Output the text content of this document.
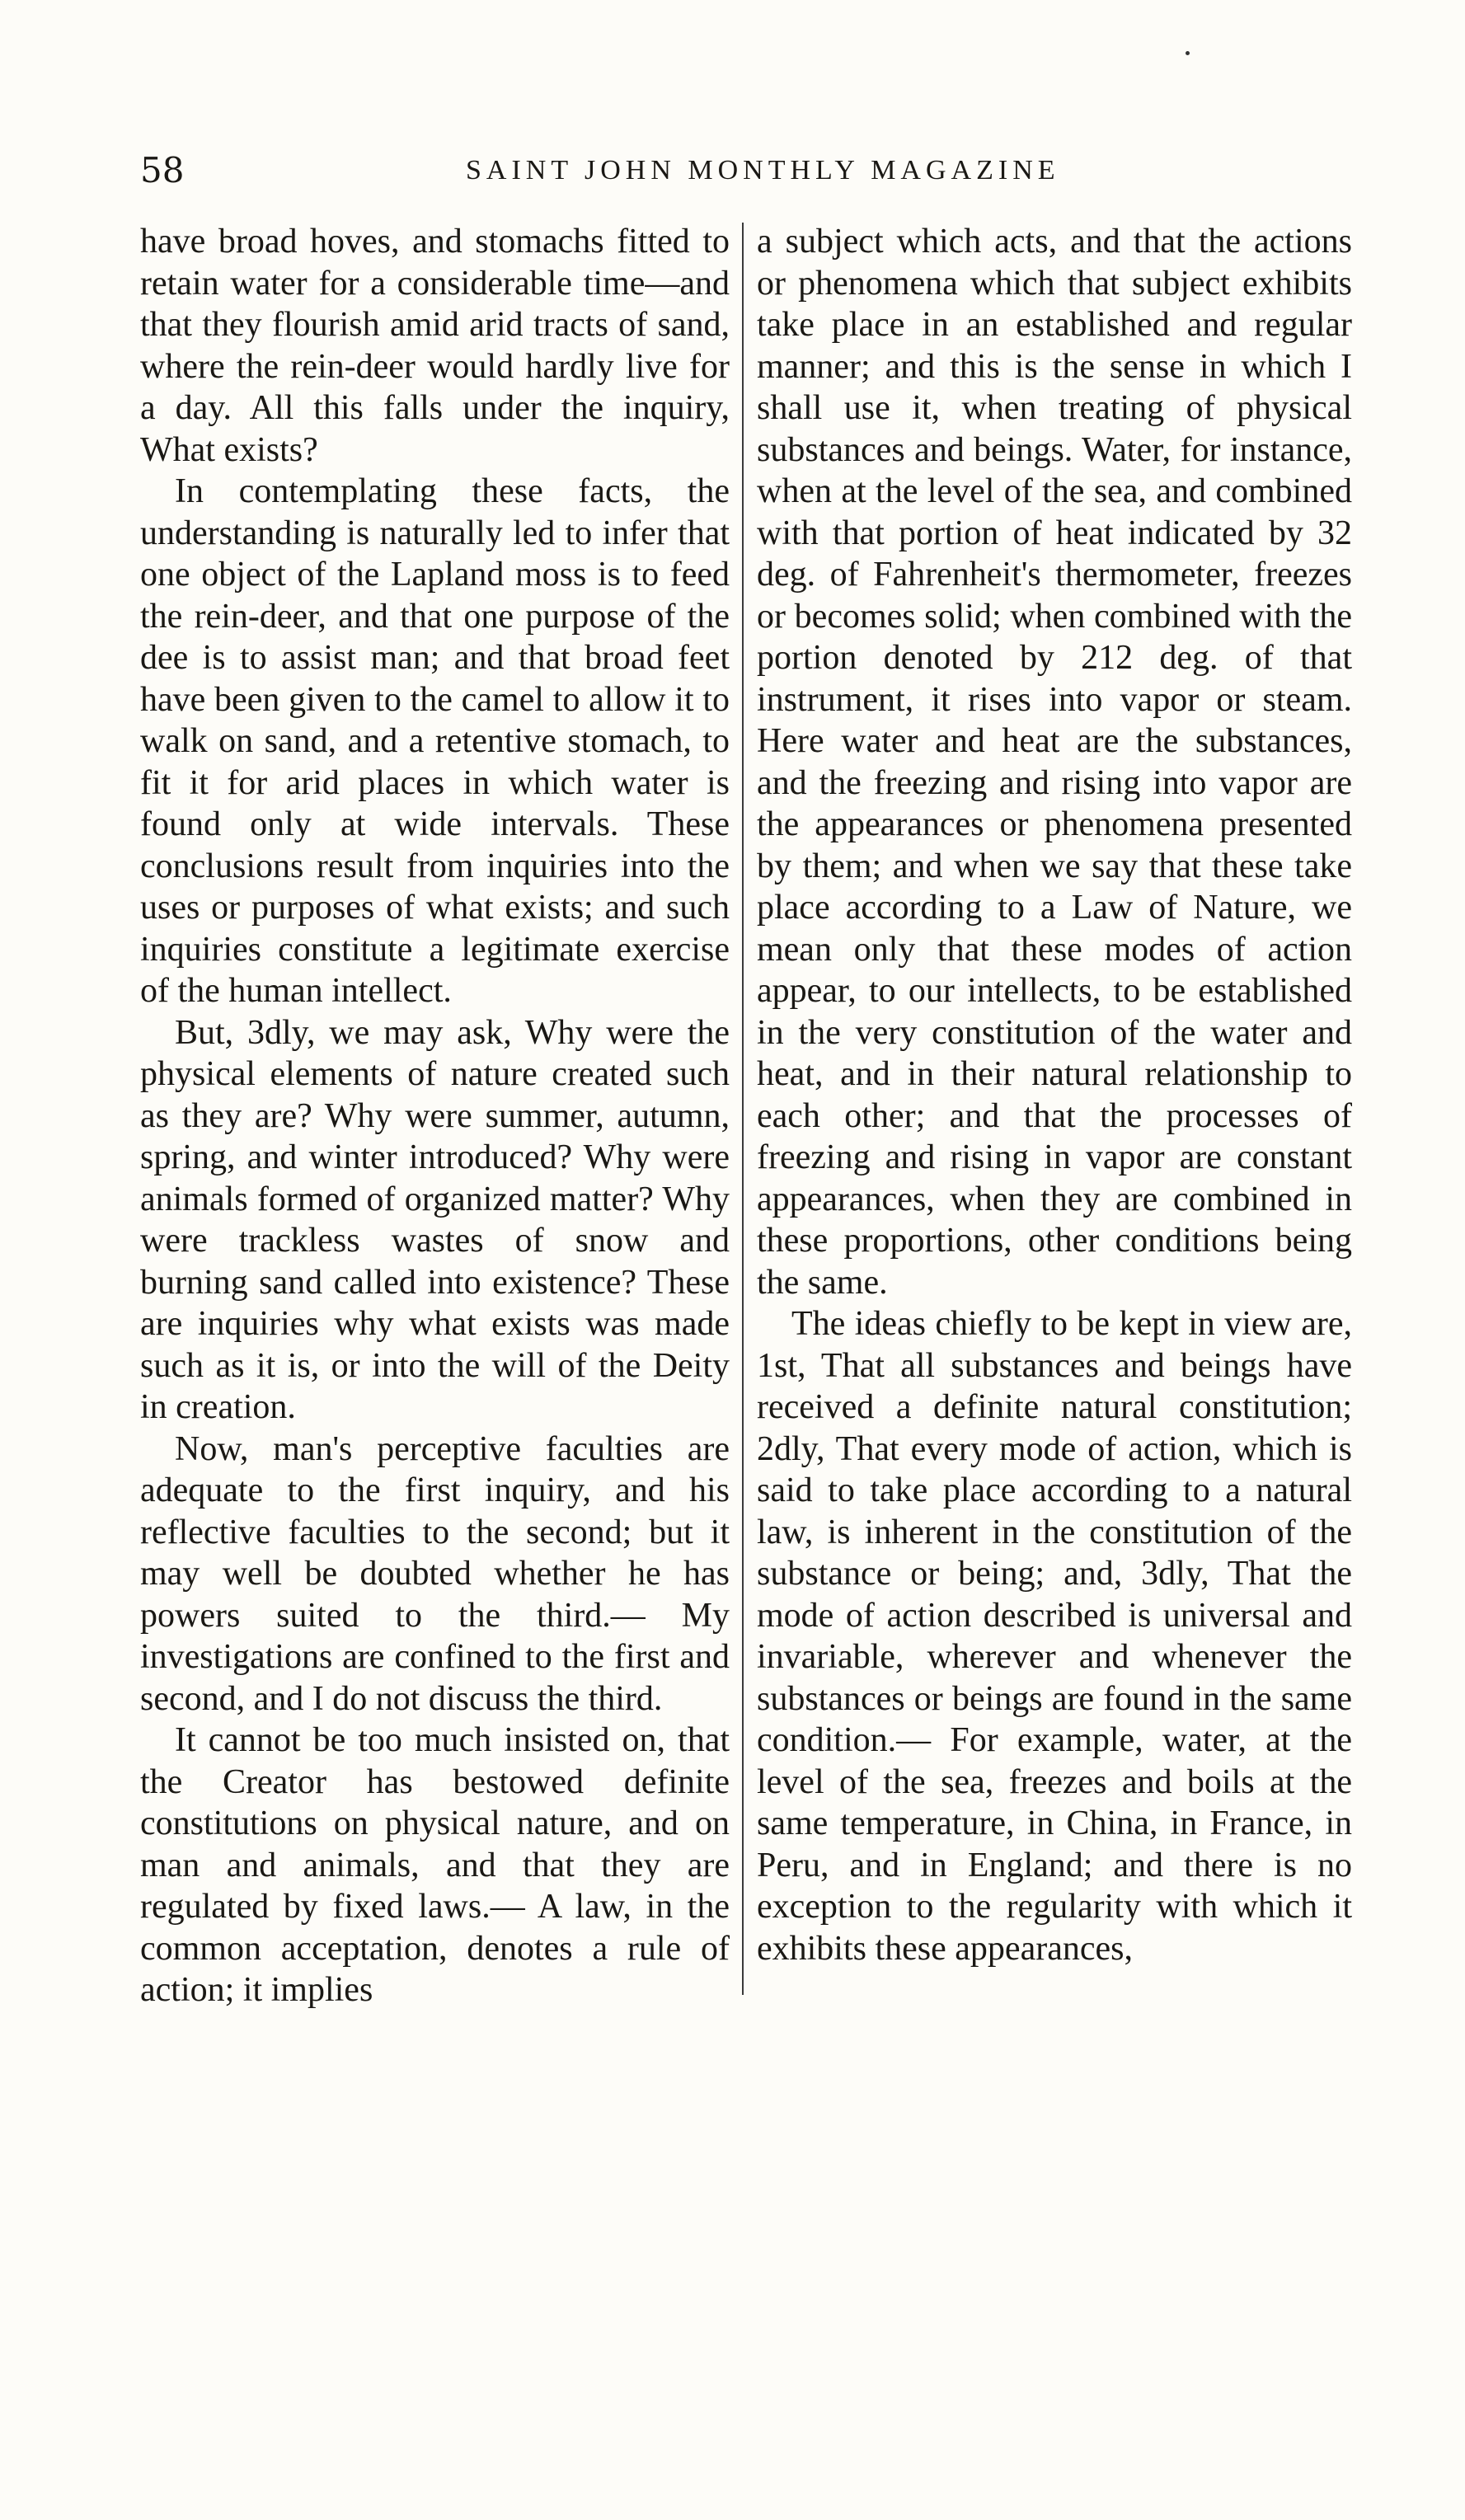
58	SAINT JOHN MONTHLY MAGAZINE
have broad hoves, and stomachs fitted to retain water for a considerable time—and that they flourish amid arid tracts of sand, where the rein-deer would hardly live for a day. All this falls under the inquiry, What exists?
In contemplating these facts, the understanding is naturally led to infer that one object of the Lapland moss is to feed the rein-deer, and that one purpose of the dee is to assist man; and that broad feet have been given to the camel to allow it to walk on sand, and a retentive stomach, to fit it for arid places in which water is found only at wide intervals. These conclusions result from inquiries into the uses or purposes of what exists; and such inquiries constitute a legitimate exercise of the human intellect.
But, 3dly, we may ask, Why were the physical elements of nature created such as they are? Why were summer, autumn, spring, and winter introduced? Why were animals formed of organized matter? Why were trackless wastes of snow and burning sand called into existence? These are inquiries why what exists was made such as it is, or into the will of the Deity in creation.
Now, man's perceptive faculties are adequate to the first inquiry, and his reflective faculties to the second; but it may well be doubted whether he has powers suited to the third.— My investigations are confined to the first and second, and I do not discuss the third.
It cannot be too much insisted on, that the Creator has bestowed definite constitutions on physical nature, and on man and animals, and that they are regulated by fixed laws.— A law, in the common acceptation, denotes a rule of action; it implies
a subject which acts, and that the actions or phenomena which that subject exhibits take place in an established and regular manner; and this is the sense in which I shall use it, when treating of physical substances and beings. Water, for instance, when at the level of the sea, and combined with that portion of heat indicated by 32 deg. of Fahrenheit's thermometer, freezes or becomes solid; when combined with the portion denoted by 212 deg. of that instrument, it rises into vapor or steam. Here water and heat are the substances, and the freezing and rising into vapor are the appearances or phenomena presented by them; and when we say that these take place according to a Law of Nature, we mean only that these modes of action appear, to our intellects, to be established in the very constitution of the water and heat, and in their natural relationship to each other; and that the processes of freezing and rising in vapor are constant appearances, when they are combined in these proportions, other conditions being the same.
The ideas chiefly to be kept in view are, 1st, That all substances and beings have received a definite natural constitution; 2dly, That every mode of action, which is said to take place according to a natural law, is inherent in the constitution of the substance or being; and, 3dly, That the mode of action described is universal and invariable, wherever and whenever the substances or beings are found in the same condition.— For example, water, at the level of the sea, freezes and boils at the same temperature, in China, in France, in Peru, and in England; and there is no exception to the regularity with which it exhibits these appearances,
